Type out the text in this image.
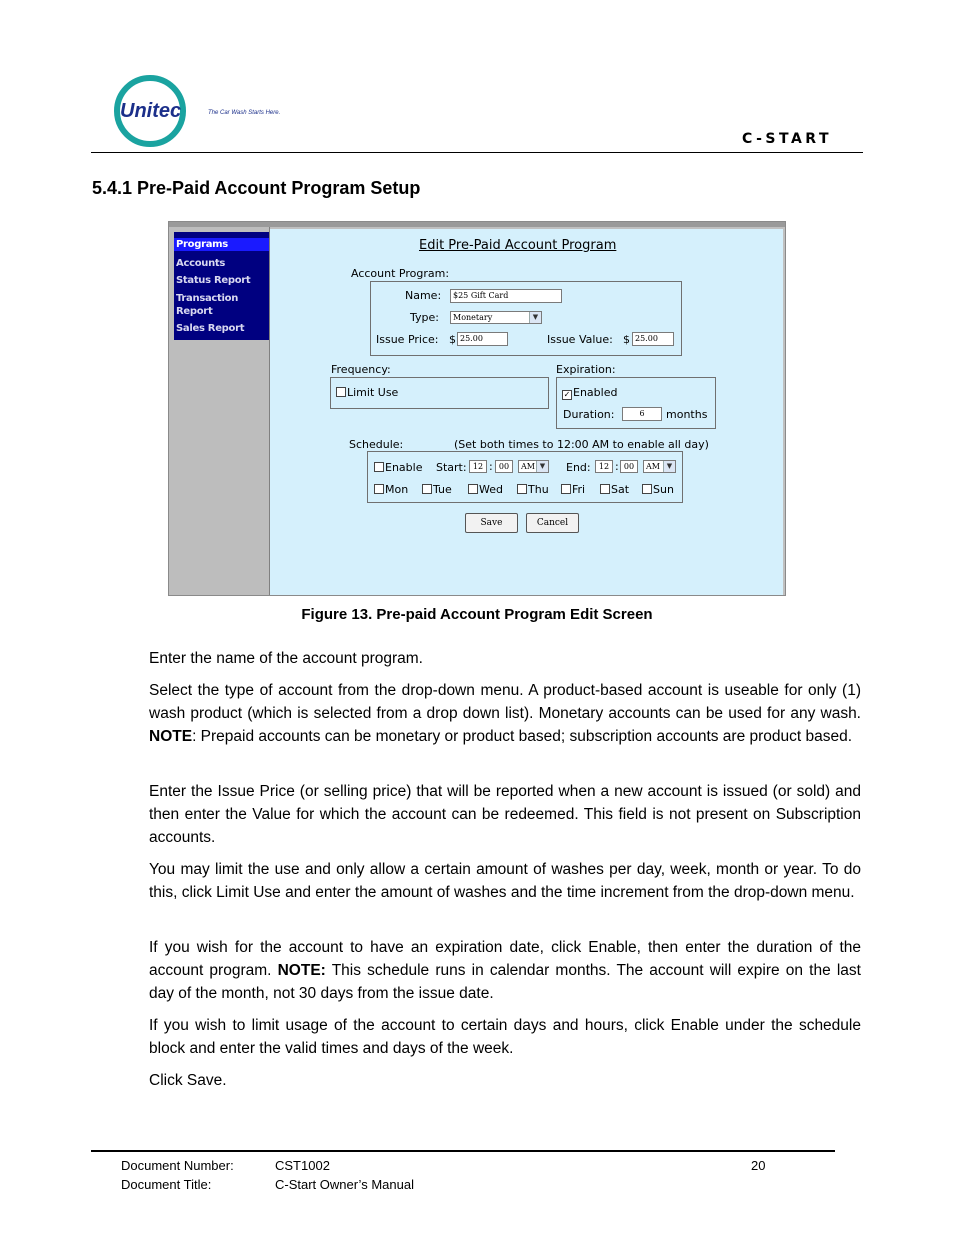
Unitec	The Car Wash Starts Here.
C-START
5.4.1 Pre-Paid Account Program Setup
Programs
Accounts
Status Report
Transaction
Report
Sales Report
Edit Pre-Paid Account Program
Account Program:
Name:	$25 Gift Card
Type:	Monetary	▼
Issue Price: $ 25.00	Issue Value: $ 25.00
Frequency:
Limit Use
Expiration:
✓ Enabled
Duration:	6	months
Schedule:	(Set both times to 12:00 AM to enable all day)
Enable Start: 12 : 00	AM ▼ End:	12 : 00	AM ▼
Mon	Tue	Wed	Thu	Fri	Sat	Sun
Save	Cancel
Figure 13. Pre-paid Account Program Edit Screen
Enter the name of the account program.
Select the type of account from the drop-down menu. A product-based account is useable for only (1) wash product (which is selected from a drop down list). Monetary accounts can be used for any wash. NOTE: Prepaid accounts can be monetary or product based; subscription accounts are product based.
Enter the Issue Price (or selling price) that will be reported when a new account is issued (or sold) and then enter the Value for which the account can be redeemed. This field is not present on Subscription accounts.
You may limit the use and only allow a certain amount of washes per day, week, month or year. To do this, click Limit Use and enter the amount of washes and the time increment from the drop-down menu.
If you wish for the account to have an expiration date, click Enable, then enter the duration of the account program. NOTE: This schedule runs in calendar months. The account will expire on the last day of the month, not 30 days from the issue date.
If you wish to limit usage of the account to certain days and hours, click Enable under the schedule block and enter the valid times and days of the week.
Click Save.
Document Number:	CST1002	20
Document Title:	C-Start Owner’s Manual
